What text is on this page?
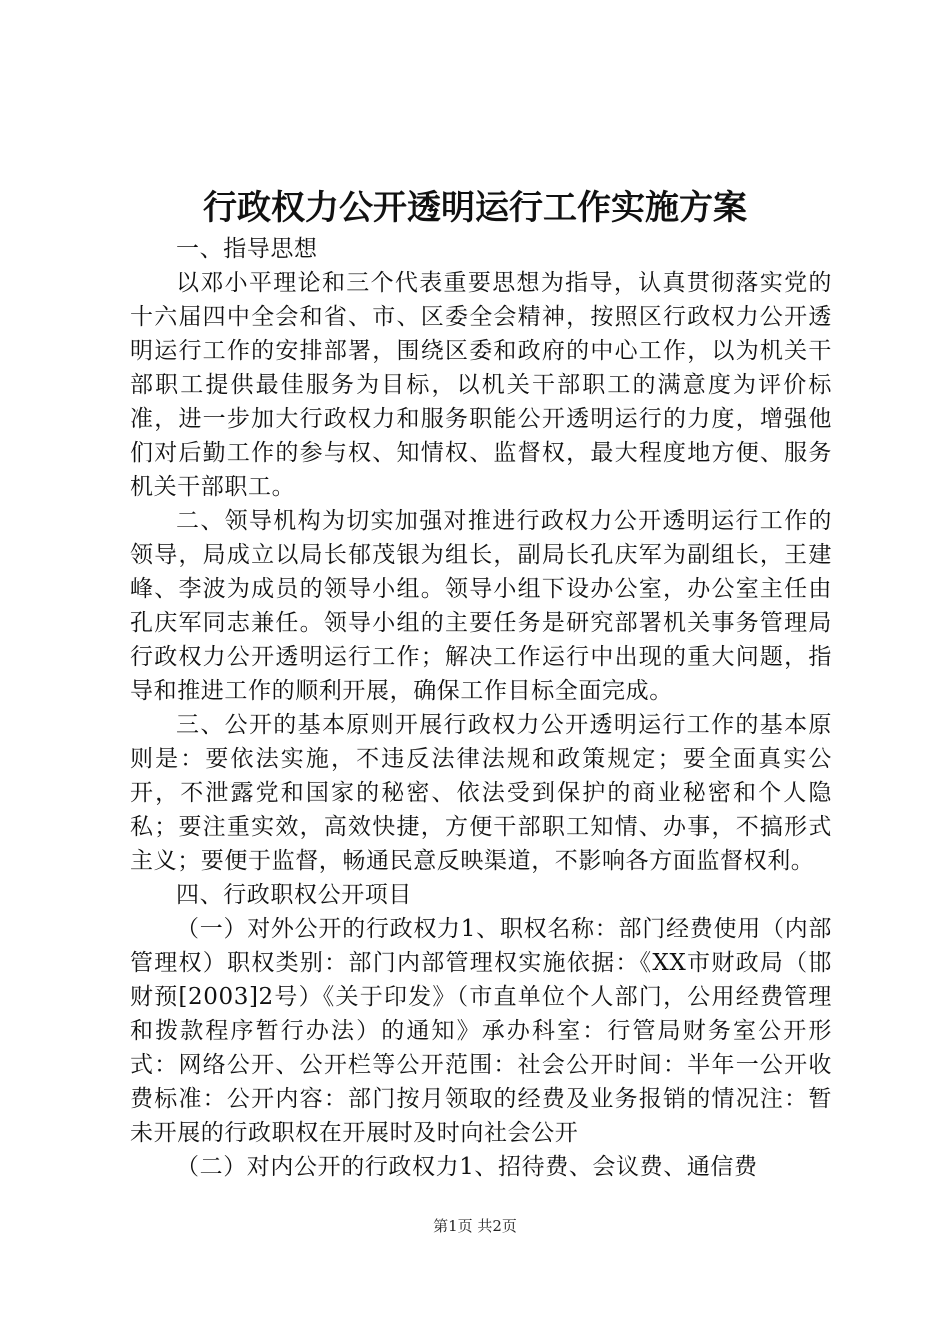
行政权力公开透明运行工作实施方案

一、指导思想

以邓小平理论和三个代表重要思想为指导，认真贯彻落实党的十六届四中全会和省、市、区委全会精神，按照区行政权力公开透明运行工作的安排部署，围绕区委和政府的中心工作，以为机关干部职工提供最佳服务为目标，以机关干部职工的满意度为评价标准，进一步加大行政权力和服务职能公开透明运行的力度，增强他们对后勤工作的参与权、知情权、监督权，最大程度地方便、服务机关干部职工。

二、领导机构为切实加强对推进行政权力公开透明运行工作的领导，局成立以局长郁茂银为组长，副局长孔庆军为副组长，王建峰、李波为成员的领导小组。领导小组下设办公室，办公室主任由孔庆军同志兼任。领导小组的主要任务是研究部署机关事务管理局行政权力公开透明运行工作；解决工作运行中出现的重大问题，指导和推进工作的顺利开展，确保工作目标全面完成。

三、公开的基本原则开展行政权力公开透明运行工作的基本原则是：要依法实施，不违反法律法规和政策规定；要全面真实公开，不泄露党和国家的秘密、依法受到保护的商业秘密和个人隐私；要注重实效，高效快捷，方便干部职工知情、办事，不搞形式主义；要便于监督，畅通民意反映渠道，不影响各方面监督权利。

四、行政职权公开项目

（一）对外公开的行政权力1、职权名称：部门经费使用（内部管理权）职权类别：部门内部管理权实施依据：《XX市财政局（邯财预[2003]2号）《关于印发》（市直单位个人部门，公用经费管理和拨款程序暂行办法）的通知》承办科室：行管局财务室公开形式：网络公开、公开栏等公开范围：社会公开时间：半年一公开收费标准：公开内容：部门按月领取的经费及业务报销的情况注：暂未开展的行政职权在开展时及时向社会公开

（二）对内公开的行政权力1、招待费、会议费、通信费

第1页 共2页
